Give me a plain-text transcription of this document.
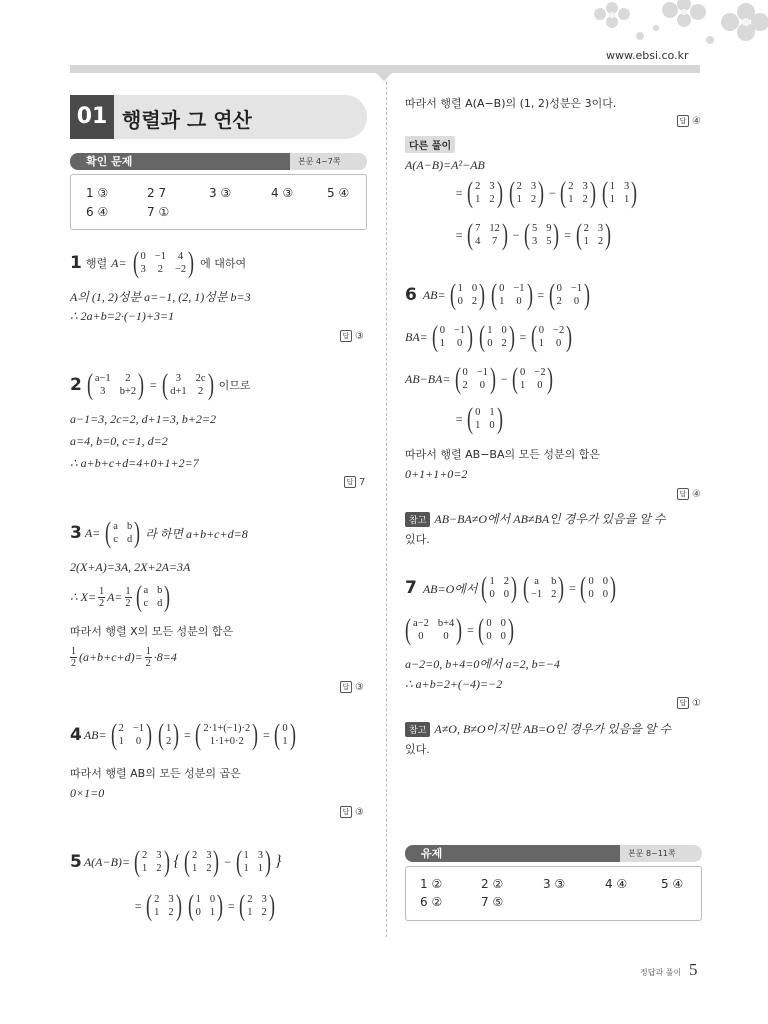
www.ebsi.co.kr
01 행렬과 그 연산
확인 문제	본문 4~7쪽
1 ③	2 7	3 ③	4 ③	5 ④
6 ④	7 ①
1 행렬 A= ( 0 −1 4
3 2 −2 ) 에 대하여
A의 (1, 2)성분 a=−1, (2, 1)성분 b=3
∴ 2a+b=2·(−1)+3=1
답 ③
2 ( a−1	2
3	b+2 ) = ( 3	2c
d+1 2 ) 이므로
a−1=3, 2c=2, d+1=3, b+2=2
a=4, b=0, c=1, d=2
∴ a+b+c+d=4+0+1+2=7
답 7
3 A= ( a b
c d ) 라 하면 a+b+c+d=8
2(X+A)=3A, 2X+2A=3A
∴ $X= \frac{1}{2} A= \frac{1}{2}$ ( a b
c d )
따라서 행렬 X의 모든 성분의 합은
$\frac{1}{2} (a+b+c+d)= \frac{1}{2} \cdot 8=4$
답 ③
4 AB= ( 2 −1
1 0 ) ( 1
2 ) = ( 2·1+(−1)·2
1·1+0·2 ) = ( 0
1 )
따라서 행렬 AB의 모든 성분의 곱은
0×1=0
답 ③
5 A(A−B)= ( 2 3
1 2 ) { ( 2 3
1 2 ) − ( 1 3
1 1 ) }
= ( 2 3
1 2 ) ( 1 0
0 1 ) = ( 2 3
1 2 )
따라서 행렬 A(A−B)의 (1, 2)성분은 3이다.
답 ④
다른 풀이
A(A−B)=A²−AB
= ( 2 3
1 2 ) ( 2 3
1 2 ) − ( 2 3
1 2 ) ( 1 3
1 1 )
= ( 7 12
4 7 ) − ( 5 9
3 5 ) = ( 2 3
1 2 )
6 AB= ( 1 0
0 2 ) ( 0 −1
1 0 ) = ( 0 −1
2 0 )
BA= ( 0 −1
1 0 ) ( 1 0
0 2 ) = ( 0 −2
1 0 )
AB−BA= ( 0 −1
2 0 ) − ( 0 −2
1 0 )
= ( 0 1
1 0 )
따라서 행렬 AB−BA의 모든 성분의 합은
0+1+1+0=2
답 ④
참고 AB−BA≠O에서 AB≠BA인 경우가 있음을 알 수
있다.
7 AB=O에서 ( 1 2
0 0 ) ( a	b
−1 2 ) = ( 0 0
0 0 )
( a−2 b+4
0	0 ) = ( 0 0
0 0 )
a−2=0, b+4=0에서 a=2, b=−4
∴ a+b=2+(−4)=−2
답 ①
참고 A≠O, B≠O이지만 AB=O인 경우가 있음을 알 수
있다.
유제	본문 8~11쪽
1 ②	2 ②	3 ③	4 ④	5 ④
6 ②	7 ⑤
정답과 풀이 5
